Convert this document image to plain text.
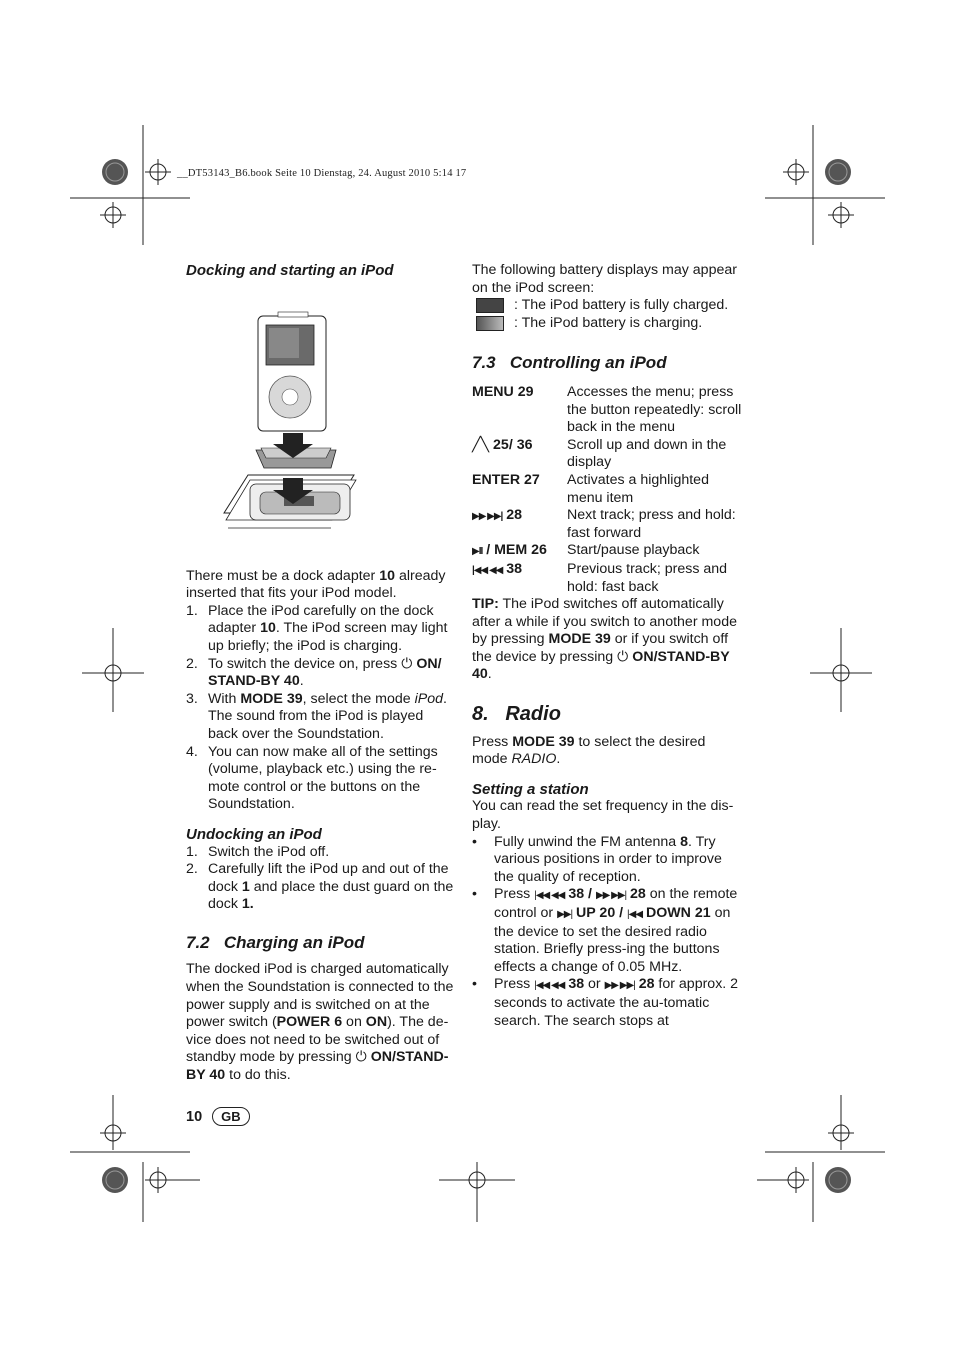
__DT53143_B6.book Seite 10 Dienstag, 24. August 2010 5:14 17
Docking and starting an iPod

There must be a dock adapter 10 already inserted that fits your iPod model.

1. Place the iPod carefully on the dock adapter 10. The iPod screen may light up briefly; the iPod is charging.
2. To switch the device on, press ⏻ ON/ STAND-BY 40.
3. With MODE 39, select the mode iPod. The sound from the iPod is played back over the Soundstation.
4. You can now make all of the settings (volume, playback etc.) using the re-mote control or the buttons on the Soundstation.
Undocking an iPod
1. Switch the iPod off.
2. Carefully lift the iPod up and out of the dock 1 and place the dust guard on the dock 1.
7.2 Charging an iPod

The docked iPod is charged automatically when the Soundstation is connected to the power supply and is switched on at the power switch (POWER 6 on ON). The de-vice does not need to be switched out of standby mode by pressing ⏻ ON/STAND-BY 40 to do this.

The following battery displays may appear on the iPod screen:

: The iPod battery is fully charged.
: The iPod battery is charging.
7.3 Controlling an iPod
MENU 29	Accesses the menu; press the button repeatedly: scroll back in the menu
╱╲ 25/ 36	Scroll up and down in the display
ENTER 27	Activates a highlighted menu item
▶▶ ▶▶| 28	Next track; press and hold: fast forward
▶II / MEM 26	Start/pause playback
|◀◀ ◀◀ 38	Previous track; press and hold: fast back

TIP: The iPod switches off automatically after a while if you switch to another mode by pressing MODE 39 or if you switch off the device by pressing ⏻ ON/STAND-BY 40.

8. Radio

Press MODE 39 to select the desired mode RADIO.

Setting a station

You can read the set frequency in the dis-play.

• Fully unwind the FM antenna 8. Try various positions in order to improve the quality of reception.
• Press |◀◀ ◀◀ 38 / ▶▶ ▶▶| 28 on the remote control or ▶▶| UP 20 / |◀◀ DOWN 21 on the device to set the desired radio station. Briefly press-ing the buttons effects a change of 0.05 MHz.
• Press |◀◀ ◀◀ 38 or ▶▶ ▶▶| 28 for approx. 2 seconds to activate the au-tomatic search. The search stops at
10	GB
